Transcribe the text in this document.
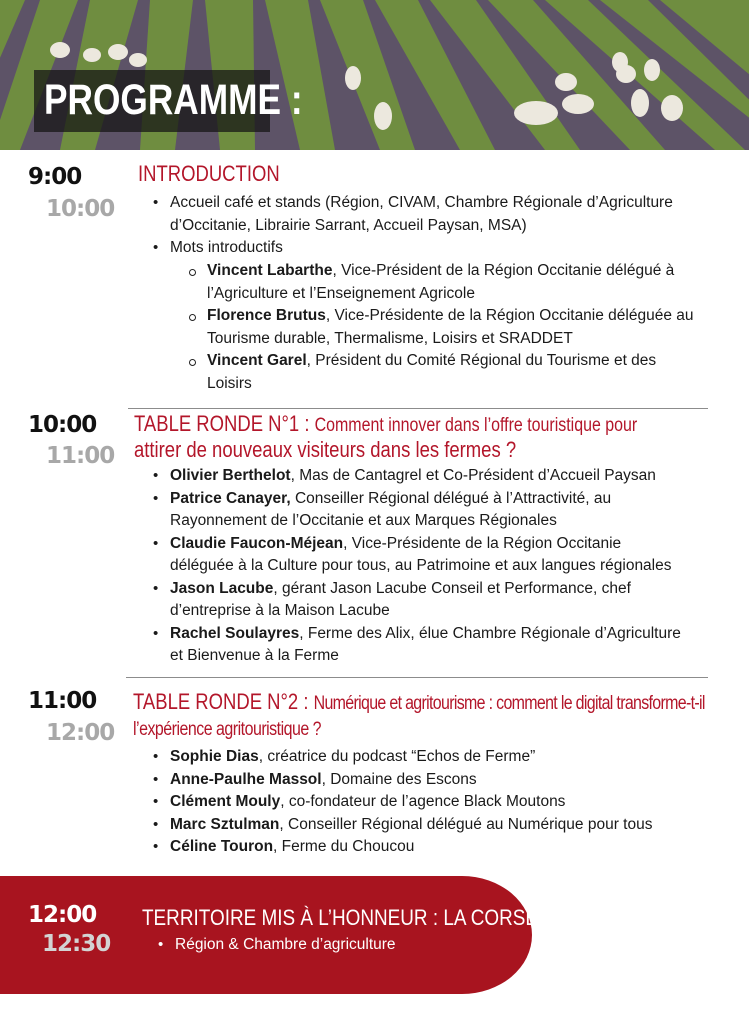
PROGRAMME :
9:00
10:00
INTRODUCTION
• Accueil café et stands (Région, CIVAM, Chambre Régionale d’Agriculture
d’Occitanie, Librairie Sarrant, Accueil Paysan, MSA)
• Mots introductifs
Vincent Labarthe, Vice-Président de la Région Occitanie délégué à
l’Agriculture et l’Enseignement Agricole
Florence Brutus, Vice-Présidente de la Région Occitanie déléguée au
Tourisme durable, Thermalisme, Loisirs et SRADDET
Vincent Garel, Président du Comité Régional du Tourisme et des
Loisirs
10:00
11:00
TABLE RONDE N°1 : Comment innover dans l’offre touristique pour
attirer de nouveaux visiteurs dans les fermes ?
• Olivier Berthelot, Mas de Cantagrel et Co-Président d’Accueil Paysan
• Patrice Canayer, Conseiller Régional délégué à l’Attractivité, au
Rayonnement de l’Occitanie et aux Marques Régionales
• Claudie Faucon-Méjean, Vice-Présidente de la Région Occitanie
déléguée à la Culture pour tous, au Patrimoine et aux langues régionales
• Jason Lacube, gérant Jason Lacube Conseil et Performance, chef
d’entreprise à la Maison Lacube
• Rachel Soulayres, Ferme des Alix, élue Chambre Régionale d’Agriculture
et Bienvenue à la Ferme
11:00
12:00
TABLE RONDE N°2 : Numérique et agritourisme : comment le digital transforme-t-il
l’expérience agritouristique ?
• Sophie Dias, créatrice du podcast “Echos de Ferme”
• Anne-Paulhe Massol, Domaine des Escons
• Clément Mouly, co-fondateur de l’agence Black Moutons
• Marc Sztulman, Conseiller Régional délégué au Numérique pour tous
• Céline Touron, Ferme du Choucou
12:00
12:30
TERRITOIRE MIS À L’HONNEUR : LA CORSE
• Région & Chambre d’agriculture
